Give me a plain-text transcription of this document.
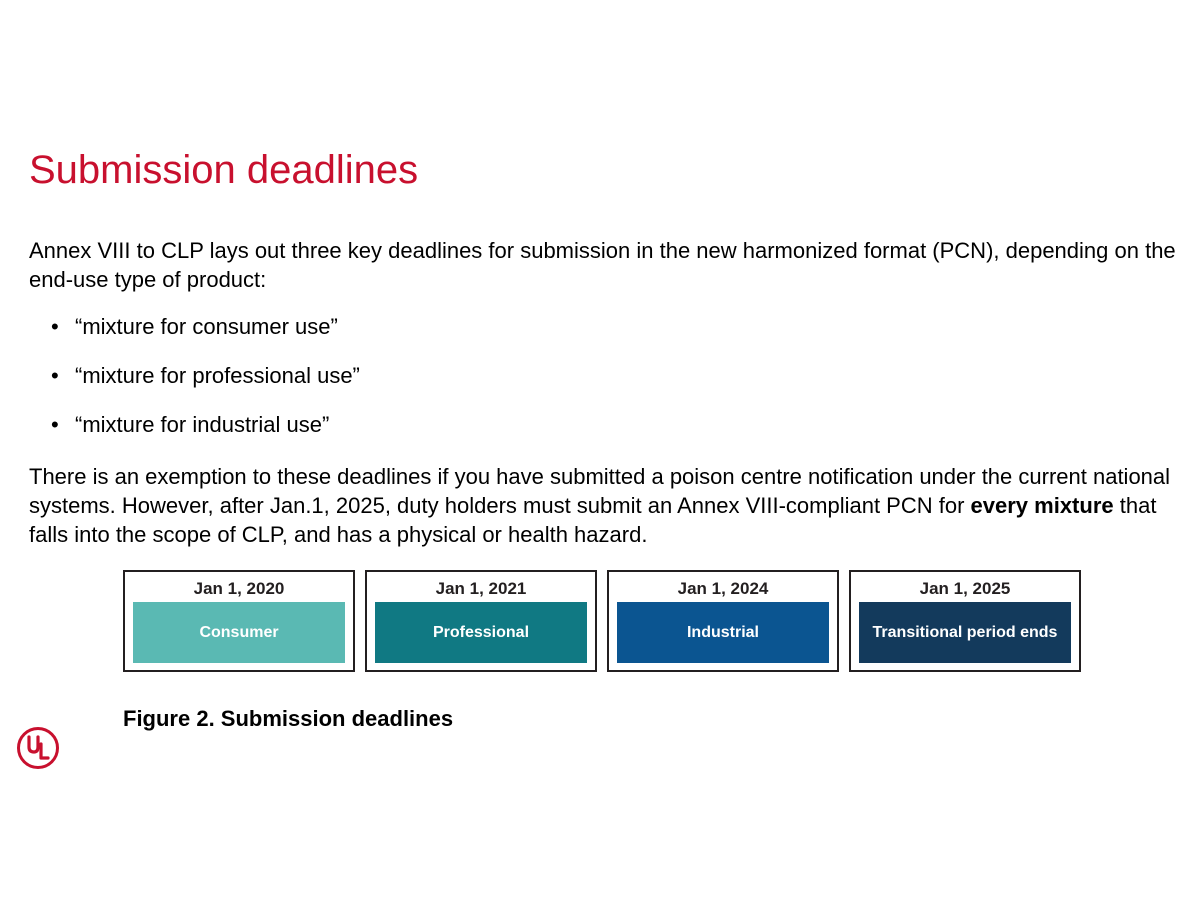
Submission deadlines

Annex VIII to CLP lays out three key deadlines for submission in the new harmonized format (PCN), depending on the end-use type of product:

• “mixture for consumer use”
• “mixture for professional use”
• “mixture for industrial use”

There is an exemption to these deadlines if you have submitted a poison centre notification under the current national systems. However, after Jan.1, 2025, duty holders must submit an Annex VIII-compliant PCN for every mixture that falls into the scope of CLP, and has a physical or health hazard.

Jan 1, 2020
Consumer
Jan 1, 2021
Professional
Jan 1, 2024
Industrial
Jan 1, 2025
Transitional period ends

Figure 2. Submission deadlines
